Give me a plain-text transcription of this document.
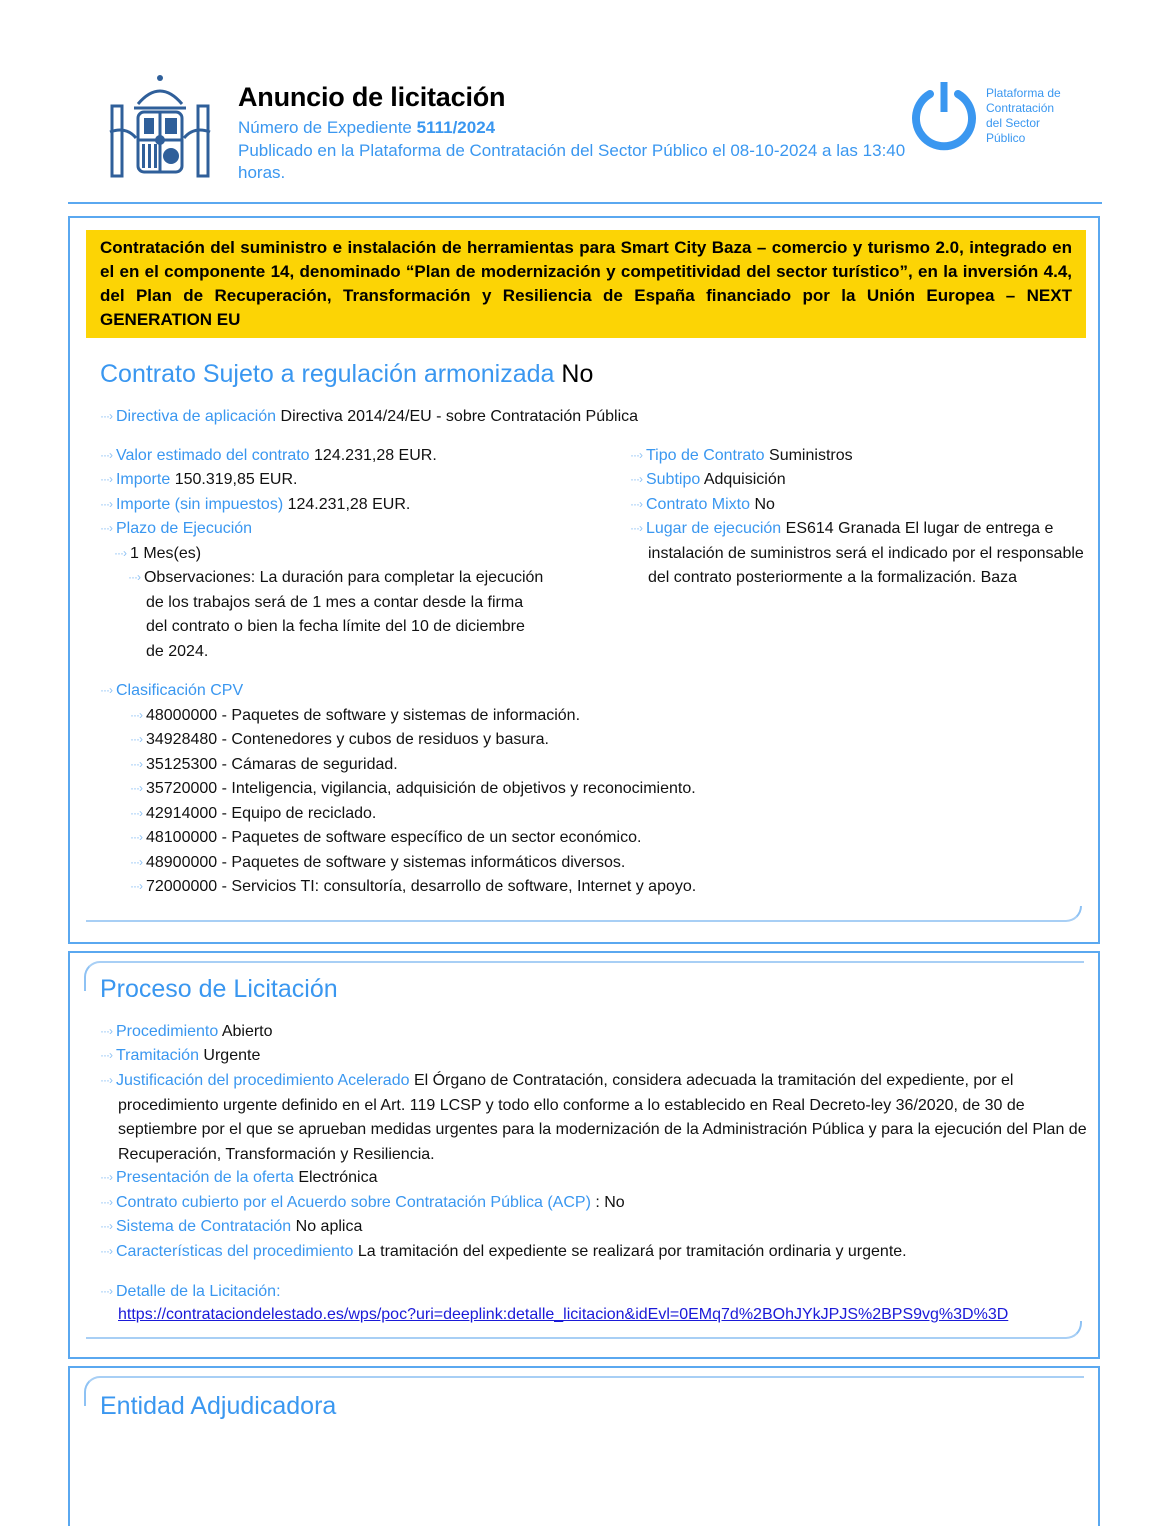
Anuncio de licitación
Número de Expediente 5111/2024
Publicado en la Plataforma de Contratación del Sector Público el 08-10-2024 a las 13:40 horas.
Plataforma de
Contratación
del Sector
Público
Contratación del suministro e instalación de herramientas para Smart City Baza – comercio y turismo 2.0, integrado en el en el componente 14, denominado “Plan de modernización y competitividad del sector turístico”, en la inversión 4.4, del Plan de Recuperación, Transformación y Resiliencia de España financiado por la Unión Europea – NEXT GENERATION EU
Contrato Sujeto a regulación armonizada No
···› Directiva de aplicación Directiva 2014/24/EU - sobre Contratación Pública
···› Valor estimado del contrato 124.231,28 EUR.
···› Importe 150.319,85 EUR.
···› Importe (sin impuestos) 124.231,28 EUR.
···› Plazo de Ejecución
···› 1 Mes(es)
···› Observaciones: La duración para completar la ejecución de los trabajos será de 1 mes a contar desde la firma del contrato o bien la fecha límite del 10 de diciembre de 2024.
···› Tipo de Contrato Suministros
···› Subtipo Adquisición
···› Contrato Mixto No
···› Lugar de ejecución ES614 Granada El lugar de entrega e instalación de suministros será el indicado por el responsable del contrato posteriormente a la formalización. Baza
···› Clasificación CPV
···› 48000000 - Paquetes de software y sistemas de información.
···› 34928480 - Contenedores y cubos de residuos y basura.
···› 35125300 - Cámaras de seguridad.
···› 35720000 - Inteligencia, vigilancia, adquisición de objetivos y reconocimiento.
···› 42914000 - Equipo de reciclado.
···› 48100000 - Paquetes de software específico de un sector económico.
···› 48900000 - Paquetes de software y sistemas informáticos diversos.
···› 72000000 - Servicios TI: consultoría, desarrollo de software, Internet y apoyo.
Proceso de Licitación
···› Procedimiento Abierto
···› Tramitación Urgente
···› Justificación del procedimiento Acelerado El Órgano de Contratación, considera adecuada la tramitación del expediente, por el procedimiento urgente definido en el Art. 119 LCSP y todo ello conforme a lo establecido en Real Decreto-ley 36/2020, de 30 de septiembre por el que se aprueban medidas urgentes para la modernización de la Administración Pública y para la ejecución del Plan de Recuperación, Transformación y Resiliencia.
···› Presentación de la oferta Electrónica
···› Contrato cubierto por el Acuerdo sobre Contratación Pública (ACP) : No
···› Sistema de Contratación No aplica
···› Características del procedimiento La tramitación del expediente se realizará por tramitación ordinaria y urgente.
···› Detalle de la Licitación:
https://contrataciondelestado.es/wps/poc?uri=deeplink:detalle_licitacion&idEvl=0EMq7d%2BOhJYkJPJS%2BPS9vg%3D%3D
Entidad Adjudicadora
